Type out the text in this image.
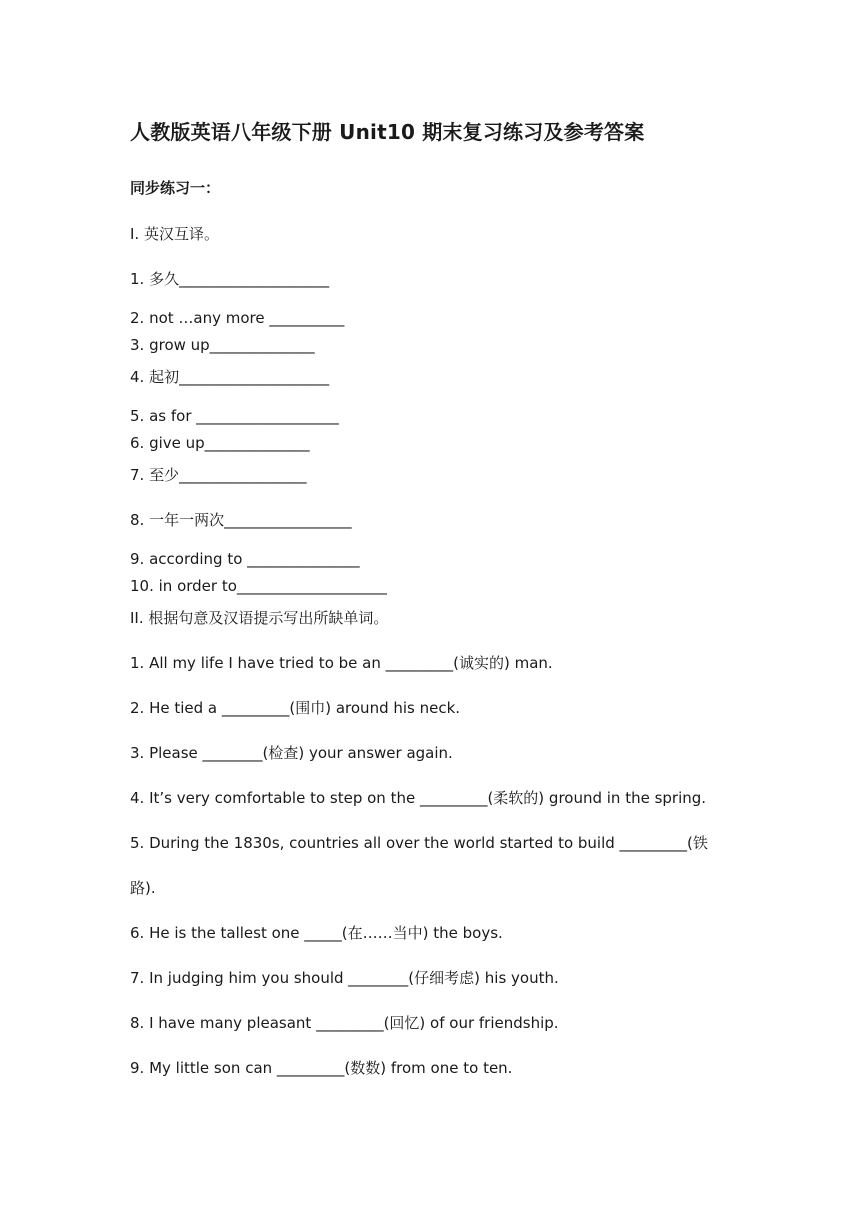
人教版英语八年级下册 Unit10 期末复习练习及参考答案
同步练习一：
I. 英汉互译。
1. 多久____________________
2. not …any more __________
3. grow up______________
4. 起初____________________
5. as for ___________________
6. give up______________
7. 至少_________________
8. 一年一两次_________________
9. according to _______________
10. in order to____________________
II. 根据句意及汉语提示写出所缺单词。
1. All my life I have tried to be an _________(诚实的) man.
2. He tied a _________(围巾) around his neck.
3. Please ________(检查) your answer again.
4. It’s very comfortable to step on the _________(柔软的) ground in the spring.
5. During the 1830s, countries all over the world started to build _________(铁
路).
6. He is the tallest one _____(在……当中) the boys.
7. In judging him you should ________(仔细考虑) his youth.
8. I have many pleasant _________(回忆) of our friendship.
9. My little son can _________(数数) from one to ten.
